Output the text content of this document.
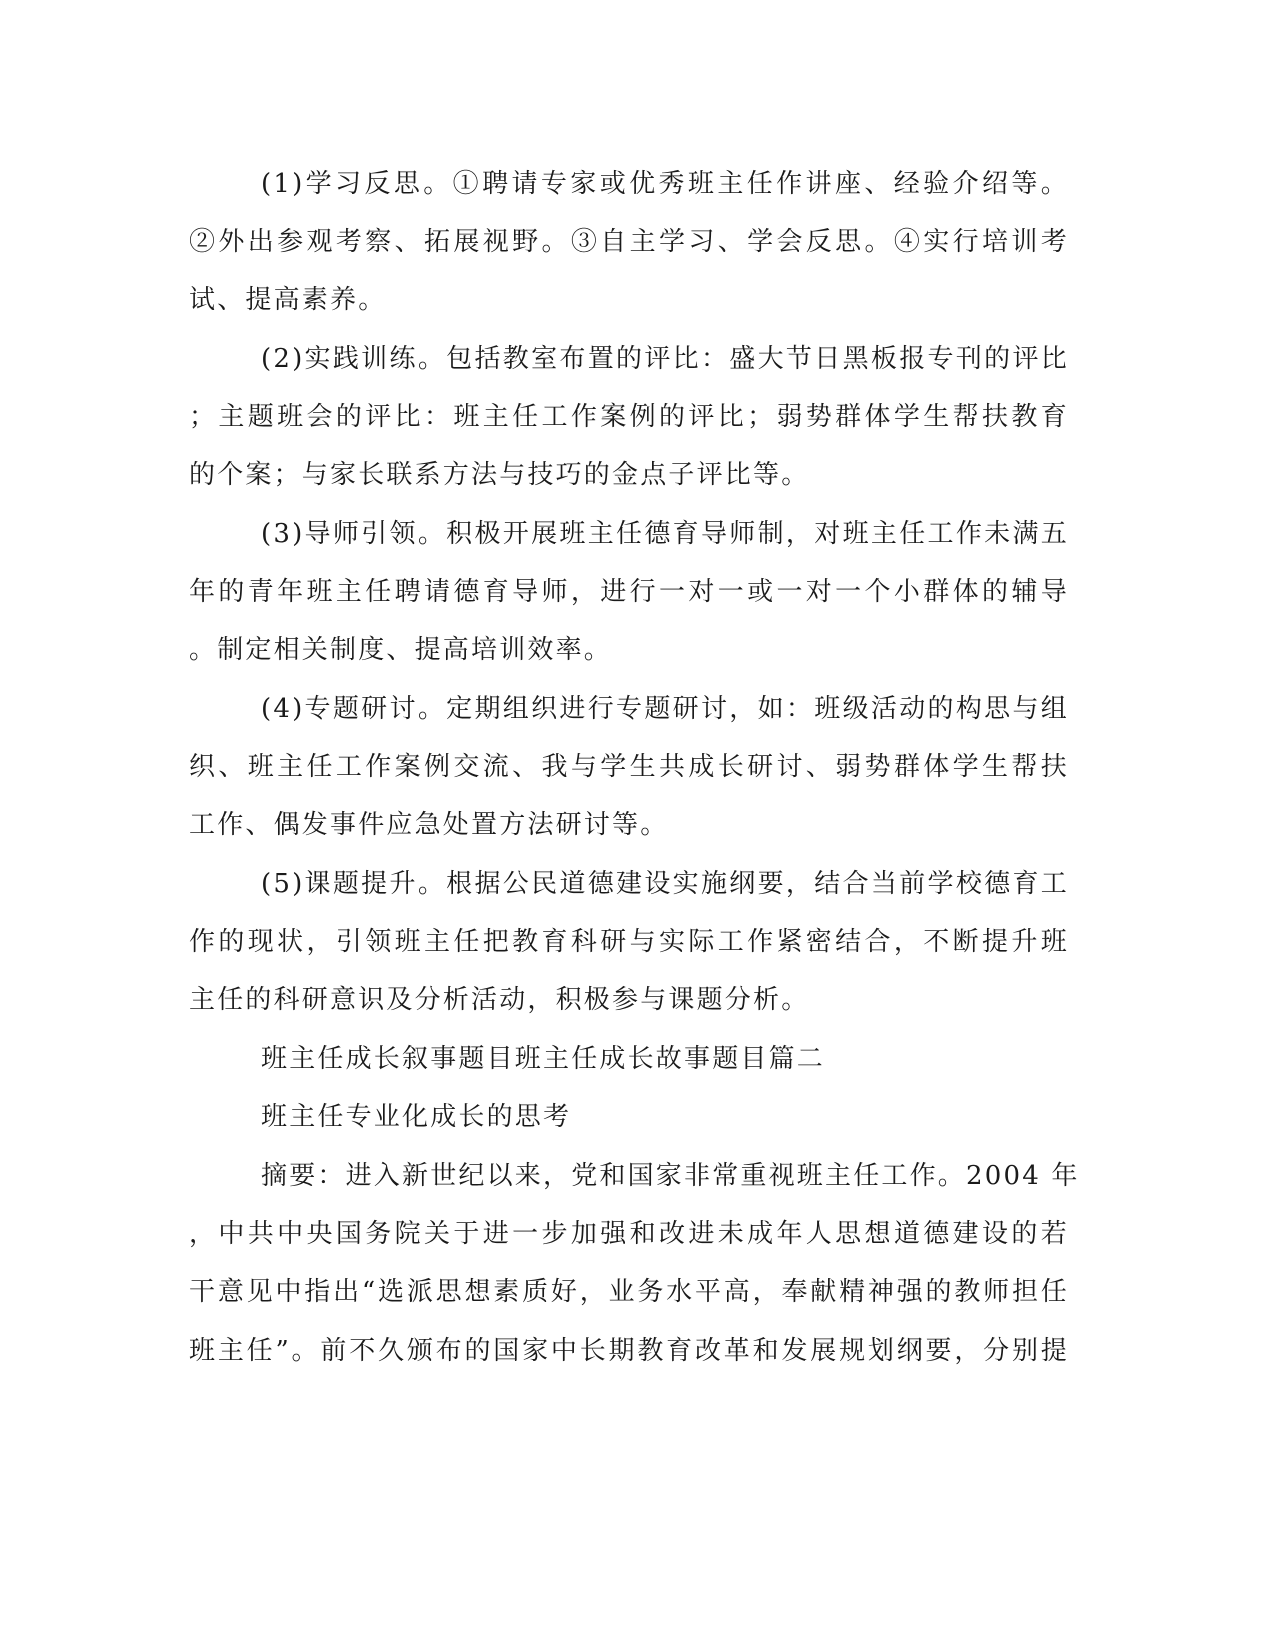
(1)学习反思。①聘请专家或优秀班主任作讲座、经验介绍等。
②外出参观考察、拓展视野。③自主学习、学会反思。④实行培训考
试、提高素养。
(2)实践训练。包括教室布置的评比：盛大节日黑板报专刊的评比
；主题班会的评比：班主任工作案例的评比；弱势群体学生帮扶教育
的个案；与家长联系方法与技巧的金点子评比等。
(3)导师引领。积极开展班主任德育导师制，对班主任工作未满五
年的青年班主任聘请德育导师，进行一对一或一对一个小群体的辅导
。制定相关制度、提高培训效率。
(4)专题研讨。定期组织进行专题研讨，如：班级活动的构思与组
织、班主任工作案例交流、我与学生共成长研讨、弱势群体学生帮扶
工作、偶发事件应急处置方法研讨等。
(5)课题提升。根据公民道德建设实施纲要，结合当前学校德育工
作的现状，引领班主任把教育科研与实际工作紧密结合，不断提升班
主任的科研意识及分析活动，积极参与课题分析。
班主任成长叙事题目班主任成长故事题目篇二
班主任专业化成长的思考
摘要：进入新世纪以来，党和国家非常重视班主任工作。2004 年
，中共中央国务院关于进一步加强和改进未成年人思想道德建设的若
干意见中指出“选派思想素质好，业务水平高，奉献精神强的教师担任
班主任”。前不久颁布的国家中长期教育改革和发展规划纲要，分别提
